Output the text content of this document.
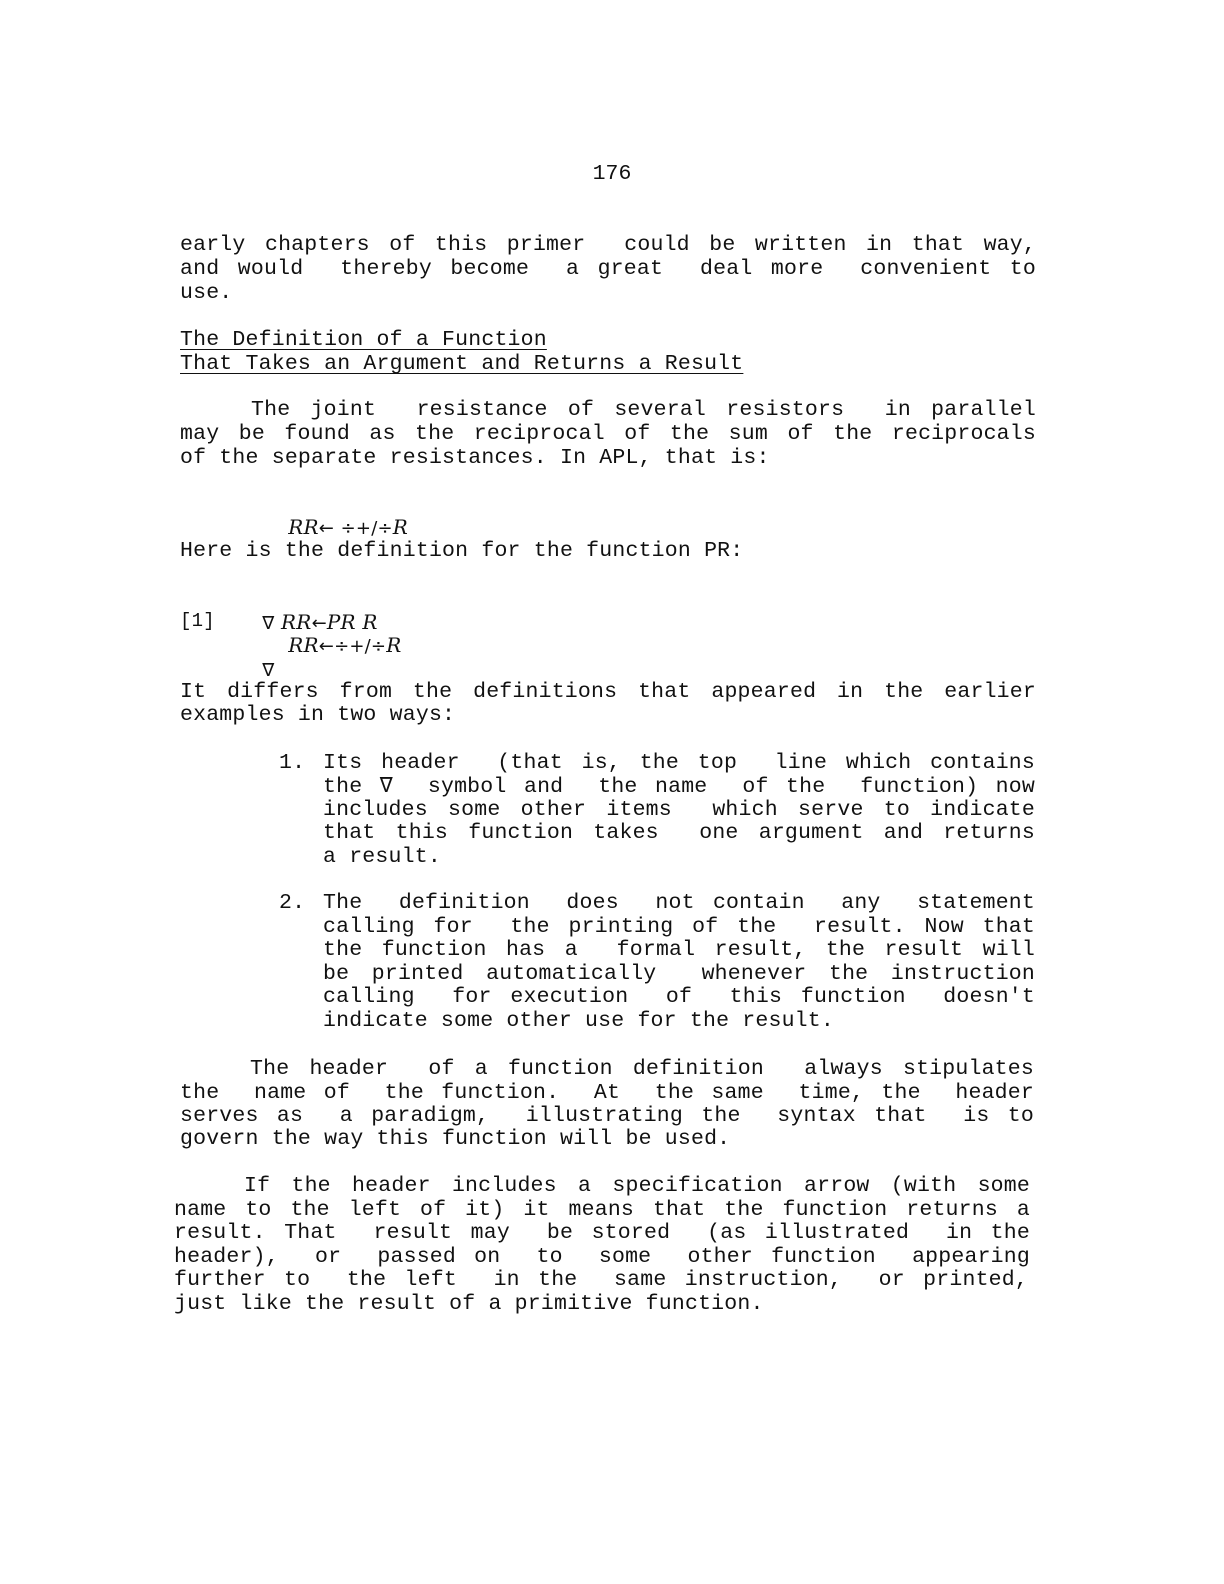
176
early chapters of this primer  could be written in that way,
and would  thereby become  a great  deal more  convenient to
use.
The Definition of a Function
That Takes an Argument and Returns a Result
The joint  resistance of several resistors  in parallel
may be found as the reciprocal of the sum of the reciprocals
of the separate resistances. In APL, that is:

RR← ÷+/÷R

Here is the definition for the function PR:

∇ RR←PR R

[1]

RR←÷+/÷R

∇

It differs from the definitions that appeared in the earlier
examples in two ways:
1. Its header  (that is, the top  line which contains
the ∇  symbol and  the name  of the  function) now
includes some other items  which serve to indicate
that this function takes  one argument and returns
a result.
2. The  definition  does  not contain  any  statement
calling for  the printing of the  result. Now that
the function has a  formal result, the result will
be printed automatically  whenever the instruction
calling  for execution  of  this function  doesn't
indicate some other use for the result.
The header  of a function definition  always stipulates
the  name of  the function.  At  the same  time, the  header
serves as  a paradigm,  illustrating the  syntax that  is to
govern the way this function will be used.
If the header includes a specification arrow (with some
name to the left of it) it means that the function returns a
result. That  result may  be stored  (as illustrated  in the
header),  or  passed on  to  some  other function  appearing
further to  the left  in the  same instruction,  or printed,
just like the result of a primitive function.
